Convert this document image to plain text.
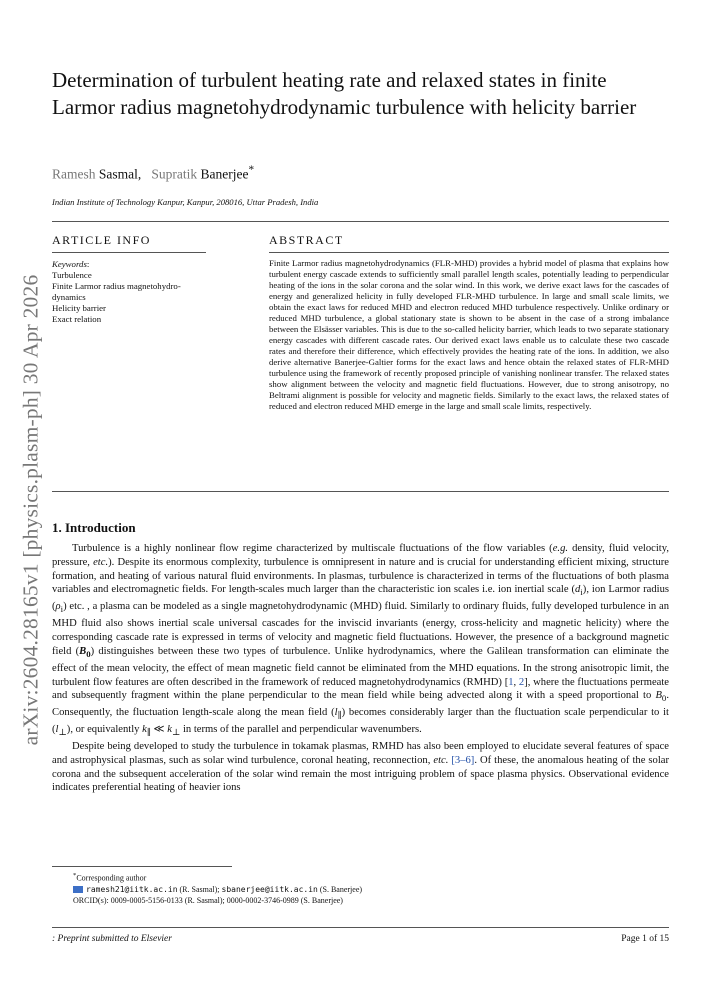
arXiv:2604.28165v1 [physics.plasm-ph] 30 Apr 2026
Determination of turbulent heating rate and relaxed states in finite Larmor radius magnetohydrodynamic turbulence with helicity barrier
Ramesh Sasmal,   Supratik Banerjee*
Indian Institute of Technology Kanpur, Kanpur, 208016, Uttar Pradesh, India
ARTICLE INFO	ABSTRACT
Keywords:
Turbulence
Finite Larmor radius magnetohydro-
dynamics
Helicity barrier
Exact relation
Finite Larmor radius magnetohydrodynamics (FLR-MHD) provides a hybrid model of plasma that explains how turbulent energy cascade extends to sufficiently small parallel length scales, potentially leading to perpendicular heating of the ions in the solar corona and the solar wind. In this work, we derive exact laws for the cascades of energy and generalized helicity in fully developed FLR-MHD turbulence. In large and small scale limits, we obtain the exact laws for reduced MHD and electron reduced MHD turbulence respectively. Unlike ordinary or reduced MHD turbulence, a global stationary state is shown to be absent in the case of a strong imbalance between the Elsässer variables. This is due to the so-called helicity barrier, which leads to two separate stationary energy cascades with different cascade rates. Our derived exact laws enable us to calculate these two cascade rates and therefore their difference, which effectively provides the heating rate of the ions. In addition, we also derive alternative Banerjee-Galtier forms for the exact laws and hence obtain the relaxed states of FLR-MHD turbulence using the framework of recently proposed principle of vanishing nonlinear transfer. The relaxed states show alignment between the velocity and magnetic field fluctuations. However, due to strong anisotropy, no Beltrami alignment is possible for velocity and magnetic fields. Similarly to the exact laws, the relaxed states of reduced and electron reduced MHD emerge in the large and small scale limits, respectively.
1. Introduction

Turbulence is a highly nonlinear flow regime characterized by multiscale fluctuations of the flow variables (e.g. density, fluid velocity, pressure, etc.). Despite its enormous complexity, turbulence is omnipresent in nature and is crucial for understanding efficient mixing, structure formation, and heating of various natural fluid environments. In plasmas, turbulence is characterized in terms of the fluctuations of both plasma variables and electromagnetic fields. For length-scales much larger than the characteristic ion scales i.e. ion inertial scale $(d_i)$, ion Larmor radius $(\rho_i)$ etc. , a plasma can be modeled as a single magnetohydrodynamic (MHD) fluid. Similarly to ordinary fluids, fully developed turbulence in an MHD fluid also shows inertial scale universal cascades for the inviscid invariants (energy, cross-helicity and magnetic helicity) where the corresponding cascade rate is expressed in terms of velocity and magnetic field fluctuations. However, the presence of a background magnetic field $(B_0)$ distinguishes between these two types of turbulence. Unlike hydrodynamics, where the Galilean transformation can eliminate the effect of the mean velocity, the effect of mean magnetic field cannot be eliminated from the MHD equations. In the strong anisotropic limit, the turbulent flow features are often described in the framework of reduced magnetohydrodynamics (RMHD) [1, 2], where the fluctuations permeate and subsequently fragment within the plane perpendicular to the mean field while being advected along it with a speed proportional to $B_0$. Consequently, the fluctuation length-scale along the mean field $(l_\parallel)$ becomes considerably larger than the fluctuation scale perpendicular to it $(l_\perp)$, or equivalently $k_\parallel$ ≪ $k_\perp$ in terms of the parallel and perpendicular wavenumbers.

Despite being developed to study the turbulence in tokamak plasmas, RMHD has also been employed to elucidate several features of space and astrophysical plasmas, such as solar wind turbulence, coronal heating, reconnection, etc. [3–6]. Of these, the anomalous heating of the solar corona and the subsequent acceleration of the solar wind remain the most intriguing problem of space plasma physics. Observational evidence indicates preferential heating of heavier ions

*Corresponding author
ramesh21@iitk.ac.in (R. Sasmal); sbanerjee@iitk.ac.in (S. Banerjee)
ORCID(s): 0009-0005-5156-0133 (R. Sasmal); 0000-0002-3746-0989 (S. Banerjee)
: Preprint submitted to Elsevier	Page 1 of 15
